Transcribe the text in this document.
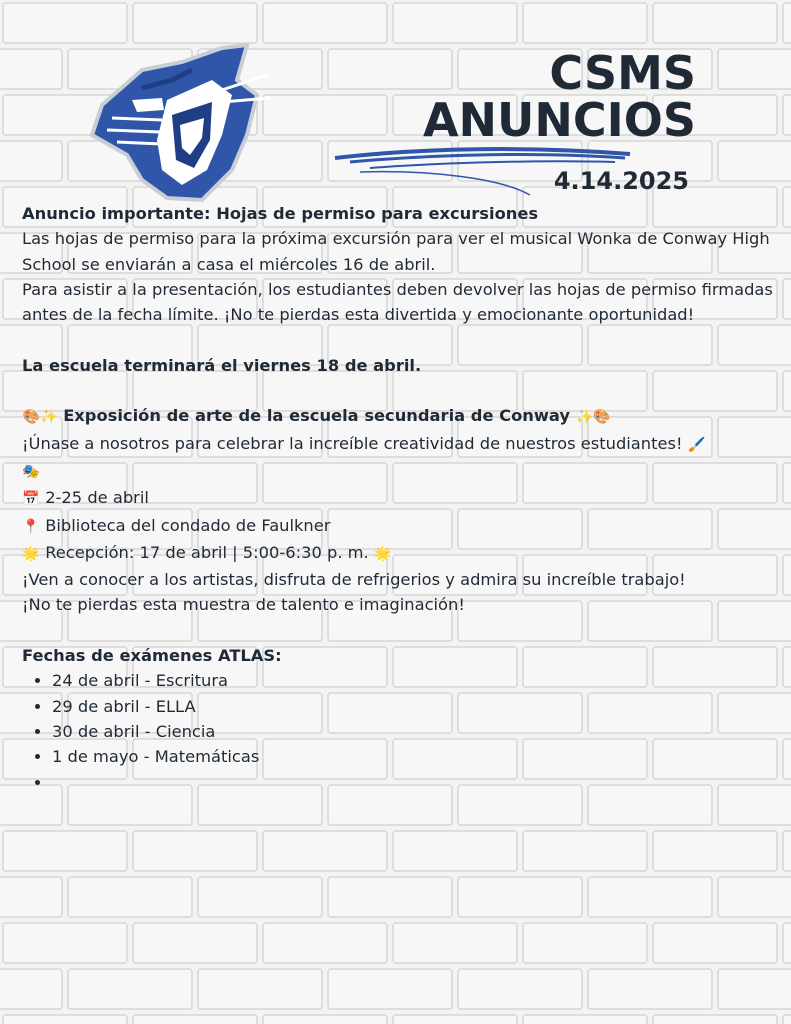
CSMS
ANUNCIOS
4.14.2025

Anuncio importante: Hojas de permiso para excursiones

Las hojas de permiso para la próxima excursión para ver el musical Wonka de Conway High School se enviarán a casa el miércoles 16 de abril.

Para asistir a la presentación, los estudiantes deben devolver las hojas de permiso firmadas antes de la fecha límite. ¡No te pierdas esta divertida y emocionante oportunidad!

La escuela terminará el viernes 18 de abril.

🎨✨ Exposición de arte de la escuela secundaria de Conway ✨🎨

¡Únase a nosotros para celebrar la increíble creatividad de nuestros estudiantes! 🖌️

🎭

📅 2-25 de abril

📍 Biblioteca del condado de Faulkner

🌟 Recepción: 17 de abril | 5:00-6:30 p. m. 🌟

¡Ven a conocer a los artistas, disfruta de refrigerios y admira su increíble trabajo!

¡No te pierdas esta muestra de talento e imaginación!

Fechas de exámenes ATLAS:

• 24 de abril - Escritura
• 29 de abril - ELLA
• 30 de abril - Ciencia
• 1 de mayo - Matemáticas
•
